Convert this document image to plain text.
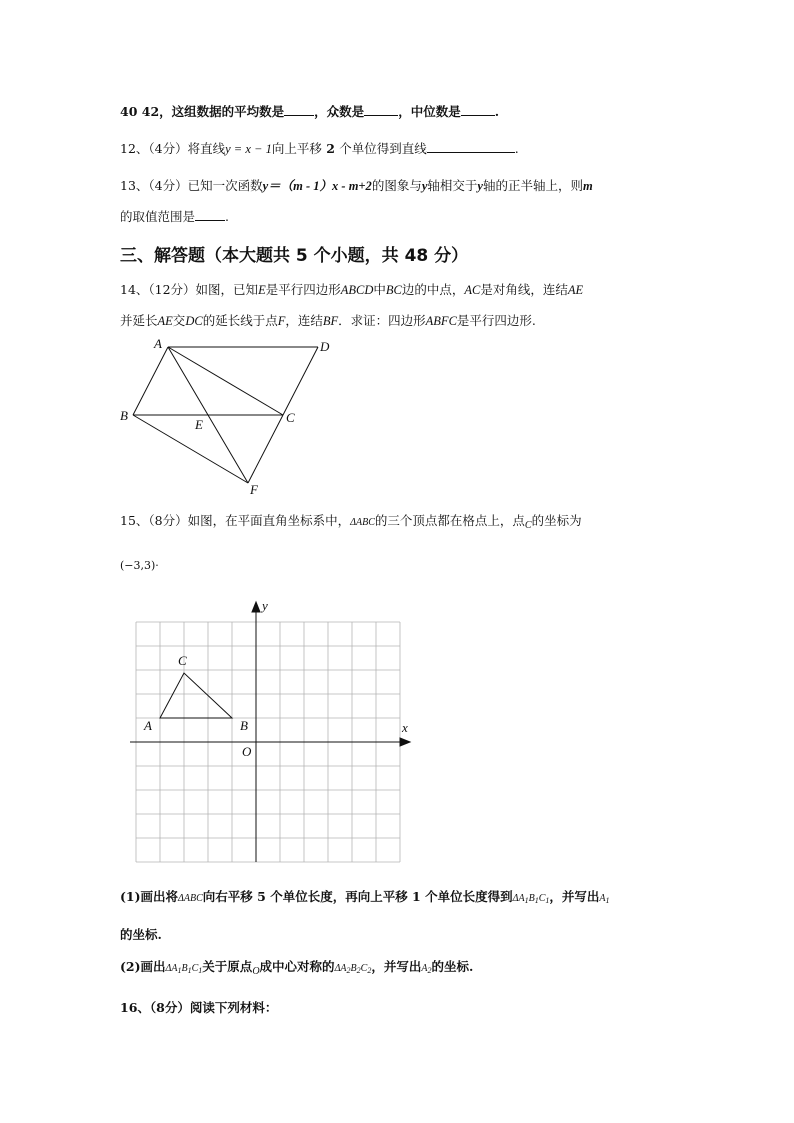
40 42，这组数据的平均数是 ，众数是	，中位数是	.
12、（4分）将直线y = x − 1向上平移 2 个单位得到直线	.
13、（4分）已知一次函数y＝（m - 1）x - m+2的图象与y轴相交于y轴的正半轴上，则m
的取值范围是 .
三、解答题（本大题共 5 个小题，共 48 分）
14、（12分）如图，已知E是平行四边形ABCD中BC边的中点，AC是对角线，连结AE
并延长AE交DC的延长线于点F，连结BF．求证：四边形ABFC是平行四边形.
A	D
B	C
E
F
15、（8分）如图，在平面直角坐标系中，ΔABC的三个顶点都在格点上，点$_C$的坐标为
(−3,3)·
x
y
O
A	B
C
(1)画出将ΔABC向右平移 5 个单位长度，再向上平移 1 个单位长度得到$\Delta A_1B_1C_1$，并写出$A_1$
的坐标.
(2)画出$\Delta A_1B_1C_1$关于原点$_O$成中心对称的$\Delta A_2B_2C_2$，并写出$A_2$的坐标.
16、（8分）阅读下列材料：
